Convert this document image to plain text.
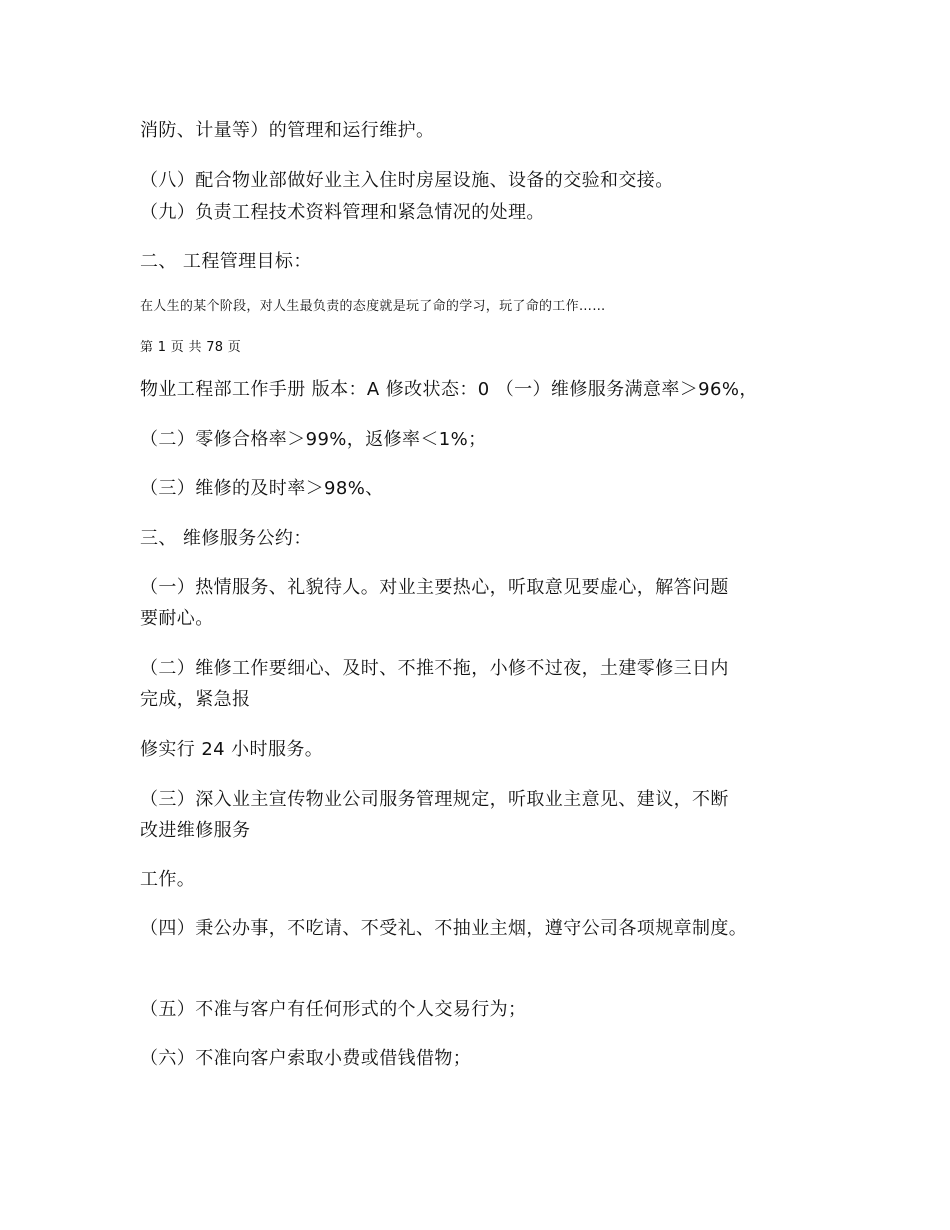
消防、计量等）的管理和运行维护。

（八）配合物业部做好业主入住时房屋设施、设备的交验和交接。

（九）负责工程技术资料管理和紧急情况的处理。

二、 工程管理目标：

在人生的某个阶段，对人生最负责的态度就是玩了命的学习，玩了命的工作……

第 1 页 共 78 页

物业工程部工作手册 版本：A 修改状态：0 （一）维修服务满意率＞96%，

（二）零修合格率＞99%，返修率＜1%；

（三）维修的及时率＞98%、

三、 维修服务公约：

（一）热情服务、礼貌待人。对业主要热心，听取意见要虚心，解答问题

要耐心。

（二）维修工作要细心、及时、不推不拖，小修不过夜，土建零修三日内

完成，紧急报

修实行 24 小时服务。

（三）深入业主宣传物业公司服务管理规定，听取业主意见、建议，不断

改进维修服务

工作。

（四）秉公办事，不吃请、不受礼、不抽业主烟，遵守公司各项规章制度。

（五）不准与客户有任何形式的个人交易行为；

（六）不准向客户索取小费或借钱借物；
